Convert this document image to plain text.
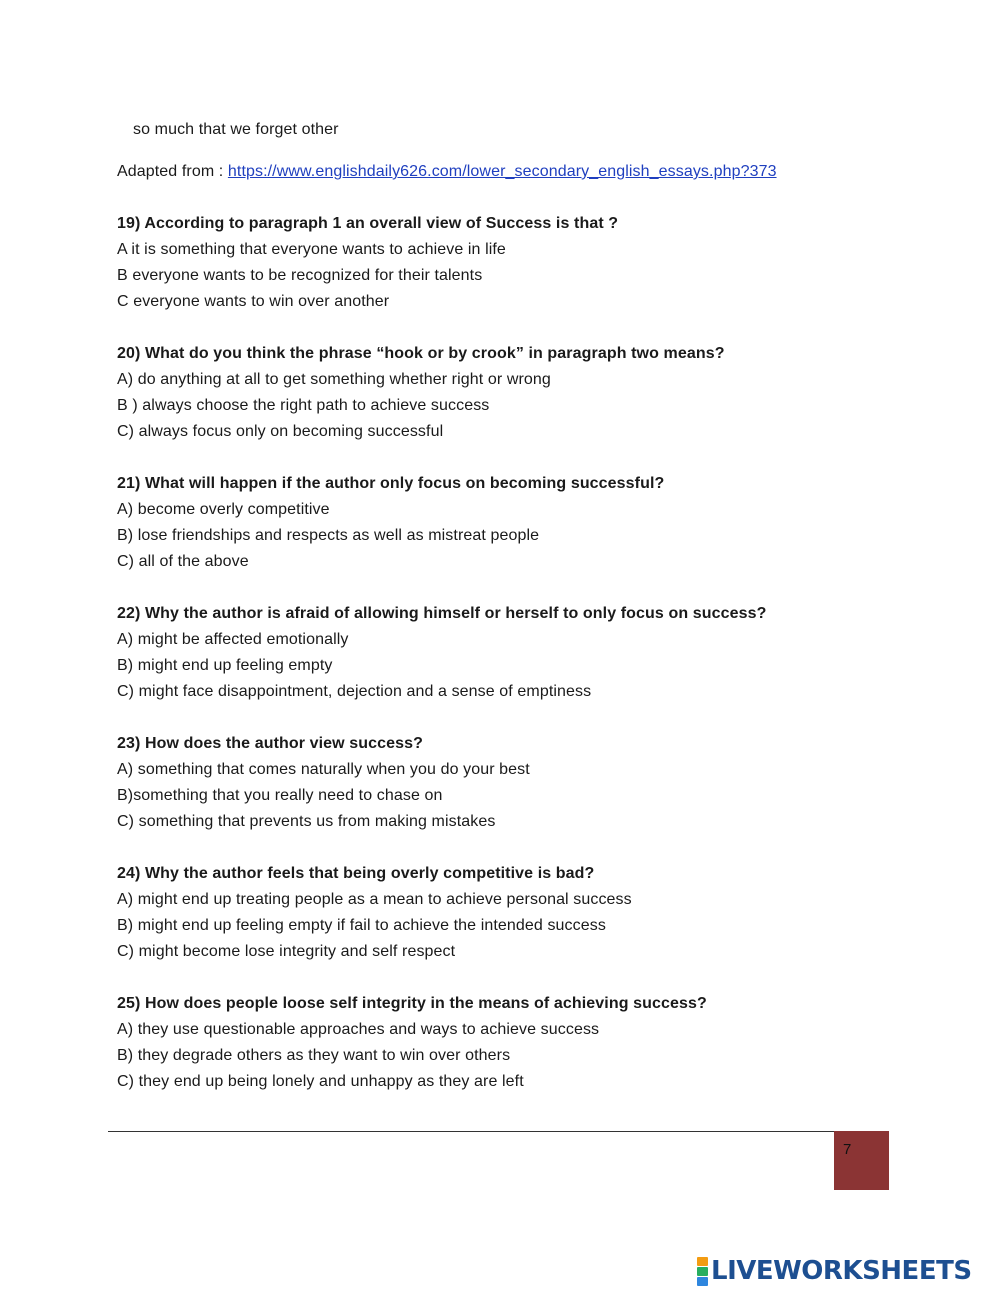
so much that we forget other
Adapted from : https://www.englishdaily626.com/lower_secondary_english_essays.php?373
19) According to paragraph 1 an overall view of Success is that ?
A it is something that everyone wants to achieve in life
B everyone wants to be recognized for their talents
C everyone wants to win over another
20) What do you think the phrase “hook or by crook” in paragraph two means?
A) do anything at all to get something whether right or wrong
B ) always choose the right path to achieve success
C) always focus only on becoming successful
21) What will happen if the author only focus on becoming successful?
A) become overly competitive
B) lose friendships and respects as well as mistreat people
C) all of the above
22) Why the author is afraid of allowing himself or herself to only focus on success?
A) might be affected emotionally
B) might end up feeling empty
C) might face disappointment, dejection and a sense of emptiness
23) How does the author view success?
A) something that comes naturally when you do your best
B)something that you really need to chase on
C) something that prevents us from making mistakes
24) Why the author feels that being overly competitive is bad?
A) might end up treating people as a mean to achieve personal success
B) might end up feeling empty if fail to achieve the intended success
C) might become lose integrity and self respect
25) How does people loose self integrity in the means of achieving success?
A) they use questionable approaches and ways to achieve success
B) they degrade others as they want to win over others
C) they end up being lonely and unhappy as they are left
7
LIVEWORKSHEETS
